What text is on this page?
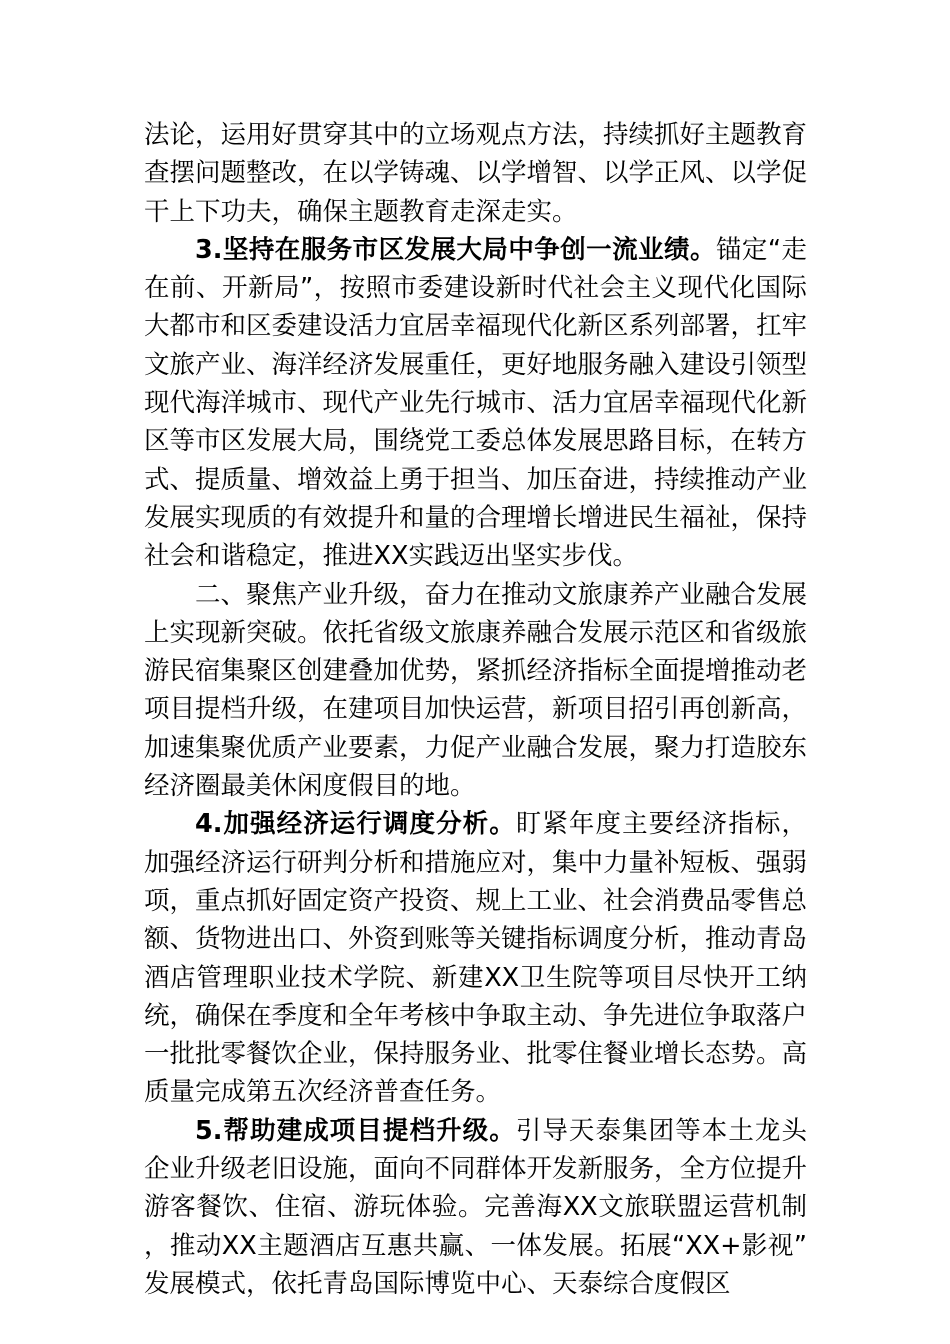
法论，运用好贯穿其中的立场观点方法，持续抓好主题教育查摆问题整改，在以学铸魂、以学增智、以学正风、以学促干上下功夫，确保主题教育走深走实。

3.坚持在服务市区发展大局中争创一流业绩。锚定“走在前、开新局”，按照市委建设新时代社会主义现代化国际大都市和区委建设活力宜居幸福现代化新区系列部署，扛牢文旅产业、海洋经济发展重任，更好地服务融入建设引领型现代海洋城市、现代产业先行城市、活力宜居幸福现代化新区等市区发展大局，围绕党工委总体发展思路目标，在转方式、提质量、增效益上勇于担当、加压奋进，持续推动产业发展实现质的有效提升和量的合理增长增进民生福祉，保持社会和谐稳定，推进XX实践迈出坚实步伐。

二、聚焦产业升级，奋力在推动文旅康养产业融合发展上实现新突破。依托省级文旅康养融合发展示范区和省级旅游民宿集聚区创建叠加优势，紧抓经济指标全面提增推动老项目提档升级，在建项目加快运营，新项目招引再创新高，加速集聚优质产业要素，力促产业融合发展，聚力打造胶东经济圈最美休闲度假目的地。

4.加强经济运行调度分析。盯紧年度主要经济指标，加强经济运行研判分析和措施应对，集中力量补短板、强弱项，重点抓好固定资产投资、规上工业、社会消费品零售总额、货物进出口、外资到账等关键指标调度分析，推动青岛酒店管理职业技术学院、新建XX卫生院等项目尽快开工纳统，确保在季度和全年考核中争取主动、争先进位争取落户一批批零餐饮企业，保持服务业、批零住餐业增长态势。高质量完成第五次经济普查任务。

5.帮助建成项目提档升级。引导天泰集团等本土龙头企业升级老旧设施，面向不同群体开发新服务，全方位提升游客餐饮、住宿、游玩体验。完善海XX文旅联盟运营机制，推动XX主题酒店互惠共赢、一体发展。拓展“XX+影视”发展模式，依托青岛国际博览中心、天泰综合度假区
